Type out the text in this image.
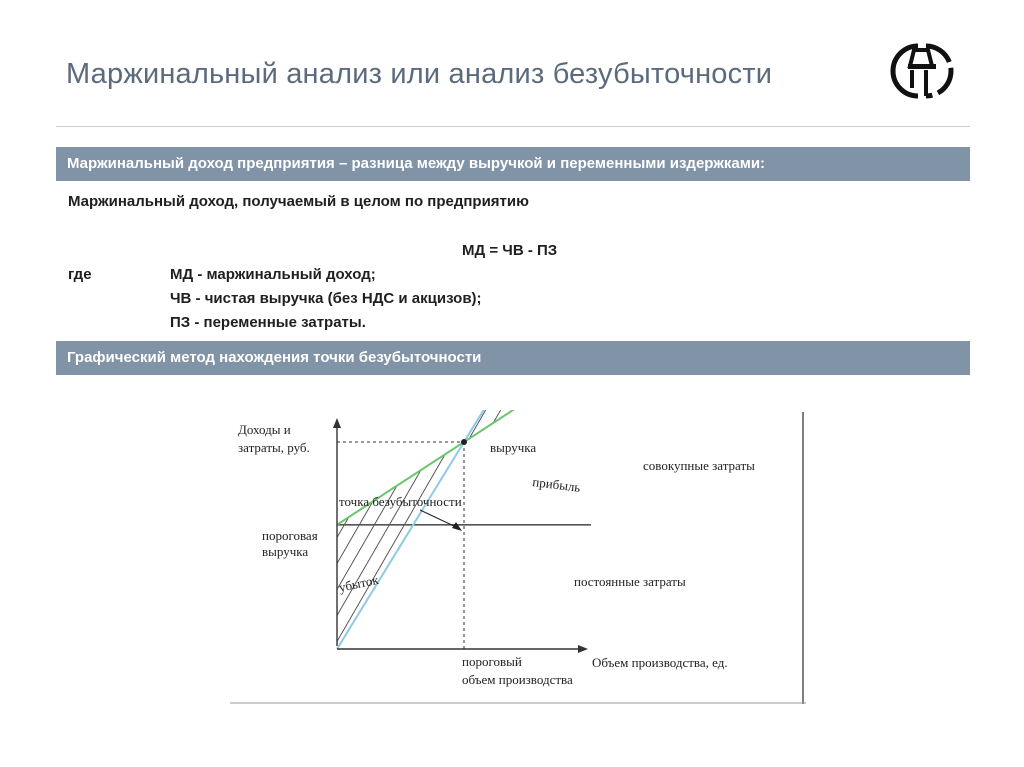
Маржинальный анализ или анализ безубыточности
Маржинальный доход предприятия – разница между выручкой и переменными издержками:
Маржинальный доход, получаемый в целом по предприятию
МД = ЧВ - ПЗ
где	МД - маржинальный доход;
ЧВ - чистая выручка (без НДС и акцизов);
ПЗ - переменные затраты.
Графический метод нахождения точки безубыточности
Доходы и
затраты, руб.
Объем производства, ед.
выручка
совокупные затраты
постоянные затраты
прибыль
убыток
точка безубыточности
пороговая
выручка
пороговый
объем производства
